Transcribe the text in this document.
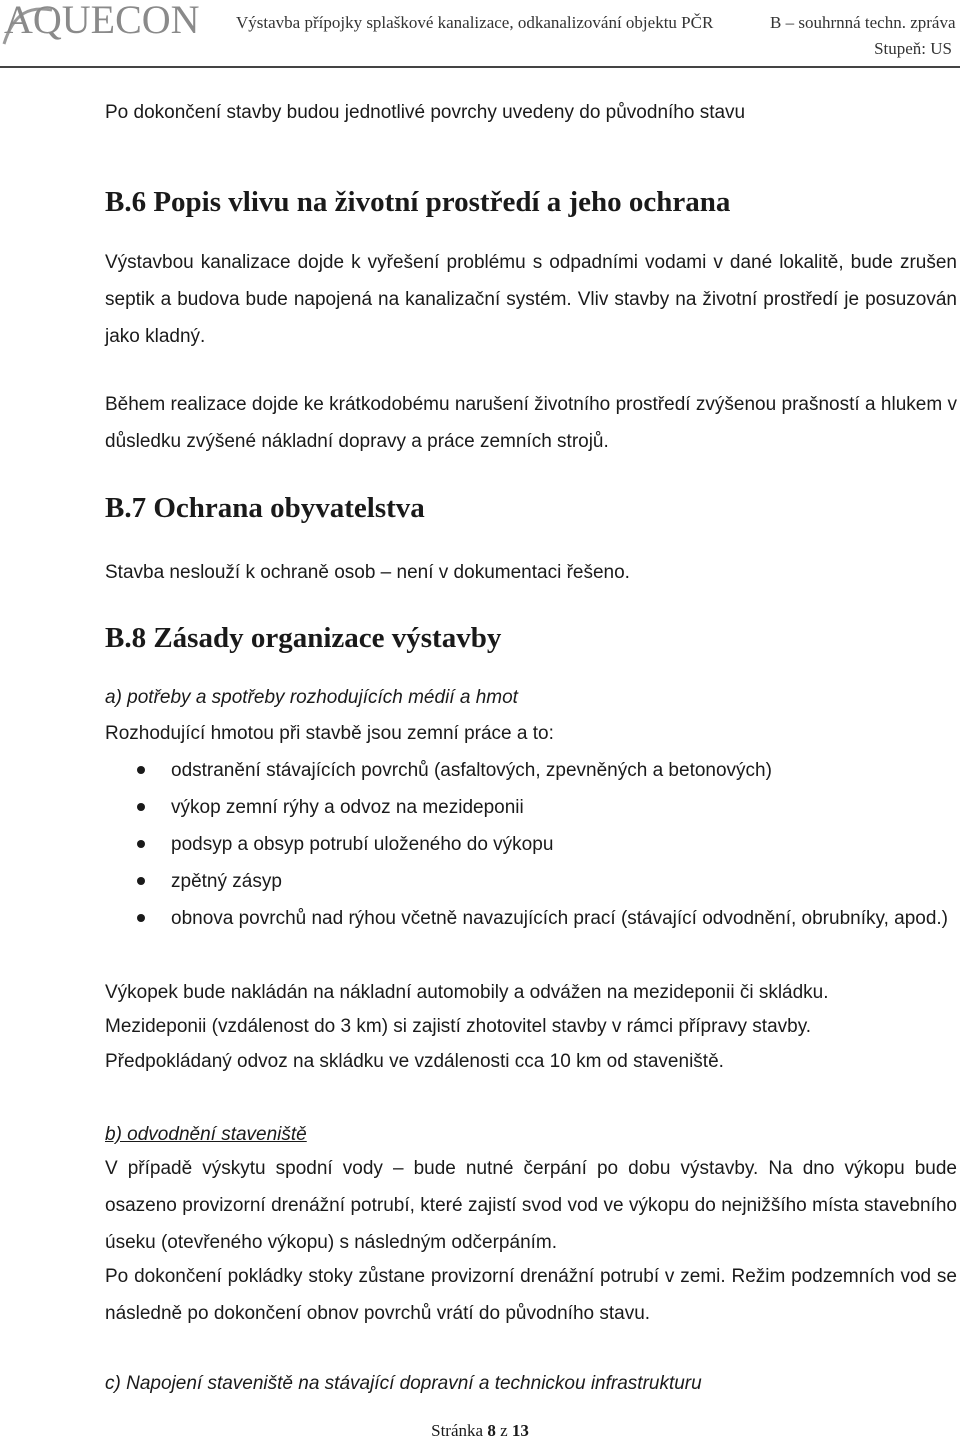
AQUECON Výstavba přípojky splaškové kanalizace, odkanalizování objektu PČR	B – souhrnná techn. zpráva
Stupeň: US

Po dokončení stavby budou jednotlivé povrchy uvedeny do původního stavu

B.6 Popis vlivu na životní prostředí a jeho ochrana

Výstavbou kanalizace dojde k vyřešení problému s odpadními vodami v dané lokalitě, bude zrušen septik a budova bude napojená na kanalizační systém. Vliv stavby na životní prostředí je posuzován jako kladný.

Během realizace dojde ke krátkodobému narušení životního prostředí zvýšenou prašností a hlukem v důsledku zvýšené nákladní dopravy a práce zemních strojů.

B.7 Ochrana obyvatelstva

Stavba neslouží k ochraně osob – není v dokumentaci řešeno.

B.8 Zásady organizace výstavby
a) potřeby a spotřeby rozhodujících médií a hmot

Rozhodující hmotou při stavbě jsou zemní práce a to:

odstranění stávajících povrchů (asfaltových, zpevněných a betonových)
výkop zemní rýhy a odvoz na mezideponii
podsyp a obsyp potrubí uloženého do výkopu
zpětný zásyp
obnova povrchů nad rýhou včetně navazujících prací (stávající odvodnění, obrubníky, apod.)

Výkopek bude nakládán na nákladní automobily a odvážen na mezideponii či skládku.

Mezideponii (vzdálenost do 3 km) si zajistí zhotovitel stavby v rámci přípravy stavby.

Předpokládaný odvoz na skládku ve vzdálenosti cca 10 km od staveniště.

b) odvodnění staveniště

V případě výskytu spodní vody – bude nutné čerpání po dobu výstavby. Na dno výkopu bude osazeno provizorní drenážní potrubí, které zajistí svod vod ve výkopu do nejnižšího místa stavebního úseku (otevřeného výkopu) s následným odčerpáním.

Po dokončení pokládky stoky zůstane provizorní drenážní potrubí v zemi. Režim podzemních vod se následně po dokončení obnov povrchů vrátí do původního stavu.

c) Napojení staveniště na stávající dopravní a technickou infrastrukturu
Stránka 8 z 13
